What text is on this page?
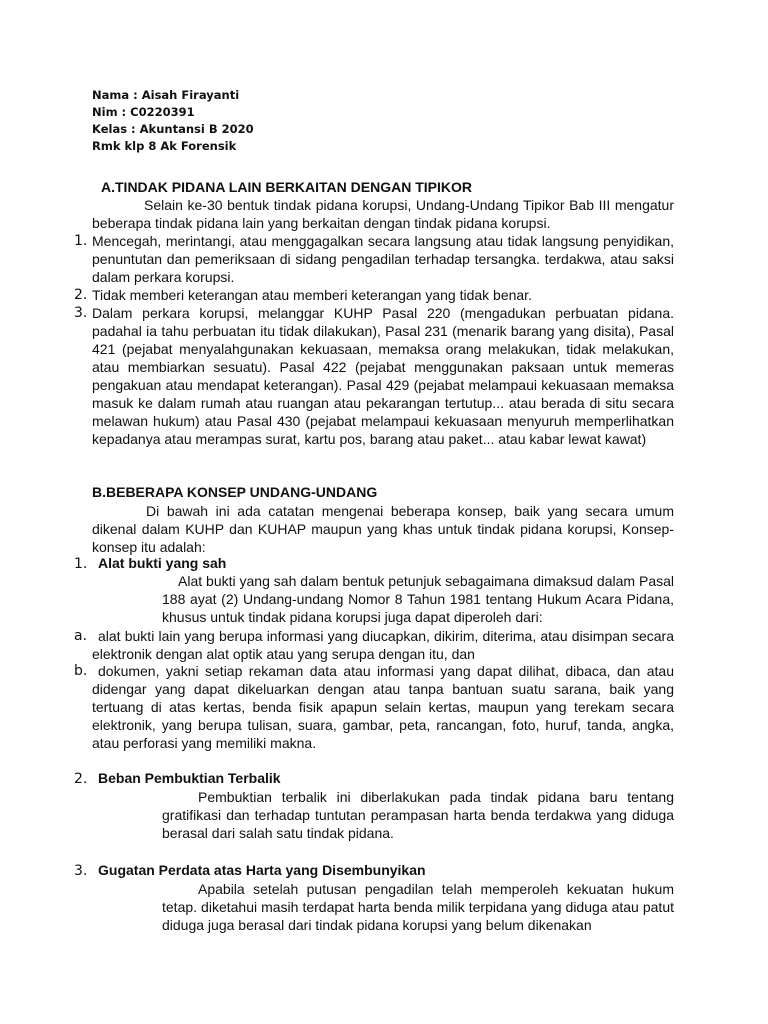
Nama : Aisah Firayanti
Nim : C0220391
Kelas : Akuntansi B 2020
Rmk klp 8 Ak Forensik
A.TINDAK PIDANA LAIN BERKAITAN DENGAN TIPIKOR
Selain ke-30 bentuk tindak pidana korupsi, Undang-Undang Tipikor Bab III mengatur beberapa tindak pidana lain yang berkaitan dengan tindak pidana korupsi.
1. Mencegah, merintangi, atau menggagalkan secara langsung atau tidak langsung penyidikan, penuntutan dan pemeriksaan di sidang pengadilan terhadap tersangka. terdakwa, atau saksi dalam perkara korupsi.
2. Tidak memberi keterangan atau memberi keterangan yang tidak benar.
3. Dalam perkara korupsi, melanggar KUHP Pasal 220 (mengadukan perbuatan pidana. padahal ia tahu perbuatan itu tidak dilakukan), Pasal 231 (menarik barang yang disita), Pasal 421 (pejabat menyalahgunakan kekuasaan, memaksa orang melakukan, tidak melakukan, atau membiarkan sesuatu). Pasal 422 (pejabat menggunakan paksaan untuk memeras pengakuan atau mendapat keterangan). Pasal 429 (pejabat melampaui kekuasaan memaksa masuk ke dalam rumah atau ruangan atau pekarangan tertutup... atau berada di situ secara melawan hukum) atau Pasal 430 (pejabat melampaui kekuasaan menyuruh memperlihatkan kepadanya atau merampas surat, kartu pos, barang atau paket... atau kabar lewat kawat)
B.BEBERAPA KONSEP UNDANG-UNDANG
Di bawah ini ada catatan mengenai beberapa konsep, baik yang secara umum dikenal dalam KUHP dan KUHAP maupun yang khas untuk tindak pidana korupsi, Konsep-konsep itu adalah:
1. Alat bukti yang sah
Alat bukti yang sah dalam bentuk petunjuk sebagaimana dimaksud dalam Pasal 188 ayat (2) Undang-undang Nomor 8 Tahun 1981 tentang Hukum Acara Pidana, khusus untuk tindak pidana korupsi juga dapat diperoleh dari:
a. alat bukti lain yang berupa informasi yang diucapkan, dikirim, diterima, atau disimpan secara elektronik dengan alat optik atau yang serupa dengan itu, dan
b. dokumen, yakni setiap rekaman data atau informasi yang dapat dilihat, dibaca, dan atau didengar yang dapat dikeluarkan dengan atau tanpa bantuan suatu sarana, baik yang tertuang di atas kertas, benda fisik apapun selain kertas, maupun yang terekam secara elektronik, yang berupa tulisan, suara, gambar, peta, rancangan, foto, huruf, tanda, angka, atau perforasi yang memiliki makna.
2. Beban Pembuktian Terbalik
Pembuktian terbalik ini diberlakukan pada tindak pidana baru tentang gratifikasi dan terhadap tuntutan perampasan harta benda terdakwa yang diduga berasal dari salah satu tindak pidana.
3. Gugatan Perdata atas Harta yang Disembunyikan
Apabila setelah putusan pengadilan telah memperoleh kekuatan hukum tetap. diketahui masih terdapat harta benda milik terpidana yang diduga atau patut diduga juga berasal dari tindak pidana korupsi yang belum dikenakan
